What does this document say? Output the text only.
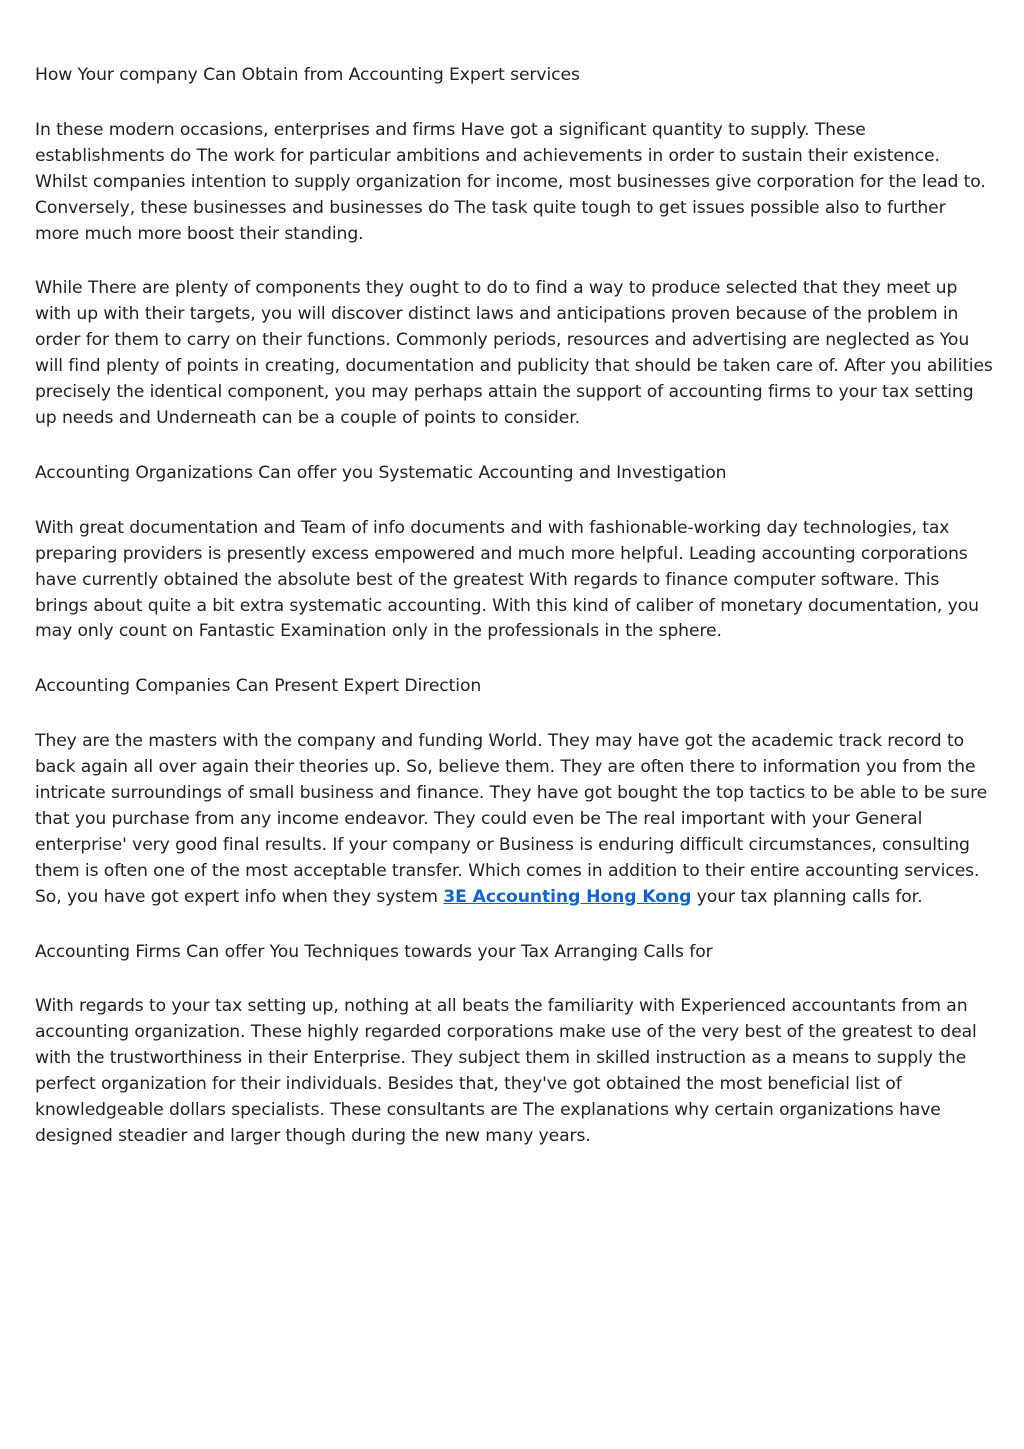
How Your company Can Obtain from Accounting Expert services

In these modern occasions, enterprises and firms Have got a significant quantity to supply. These establishments do The work for particular ambitions and achievements in order to sustain their existence. Whilst companies intention to supply organization for income, most businesses give corporation for the lead to. Conversely, these businesses and businesses do The task quite tough to get issues possible also to further more much more boost their standing.

While There are plenty of components they ought to do to find a way to produce selected that they meet up with up with their targets, you will discover distinct laws and anticipations proven because of the problem in order for them to carry on their functions. Commonly periods, resources and advertising are neglected as You will find plenty of points in creating, documentation and publicity that should be taken care of. After you abilities precisely the identical component, you may perhaps attain the support of accounting firms to your tax setting up needs and Underneath can be a couple of points to consider.

Accounting Organizations Can offer you Systematic Accounting and Investigation

With great documentation and Team of info documents and with fashionable-working day technologies, tax preparing providers is presently excess empowered and much more helpful. Leading accounting corporations have currently obtained the absolute best of the greatest With regards to finance computer software. This brings about quite a bit extra systematic accounting. With this kind of caliber of monetary documentation, you may only count on Fantastic Examination only in the professionals in the sphere.

Accounting Companies Can Present Expert Direction

They are the masters with the company and funding World. They may have got the academic track record to back again all over again their theories up. So, believe them. They are often there to information you from the intricate surroundings of small business and finance. They have got bought the top tactics to be able to be sure that you purchase from any income endeavor. They could even be The real important with your General enterprise' very good final results. If your company or Business is enduring difficult circumstances, consulting them is often one of the most acceptable transfer. Which comes in addition to their entire accounting services. So, you have got expert info when they system 3E Accounting Hong Kong your tax planning calls for.

Accounting Firms Can offer You Techniques towards your Tax Arranging Calls for

With regards to your tax setting up, nothing at all beats the familiarity with Experienced accountants from an accounting organization. These highly regarded corporations make use of the very best of the greatest to deal with the trustworthiness in their Enterprise. They subject them in skilled instruction as a means to supply the perfect organization for their individuals. Besides that, they've got obtained the most beneficial list of knowledgeable dollars specialists. These consultants are The explanations why certain organizations have designed steadier and larger though during the new many years.
